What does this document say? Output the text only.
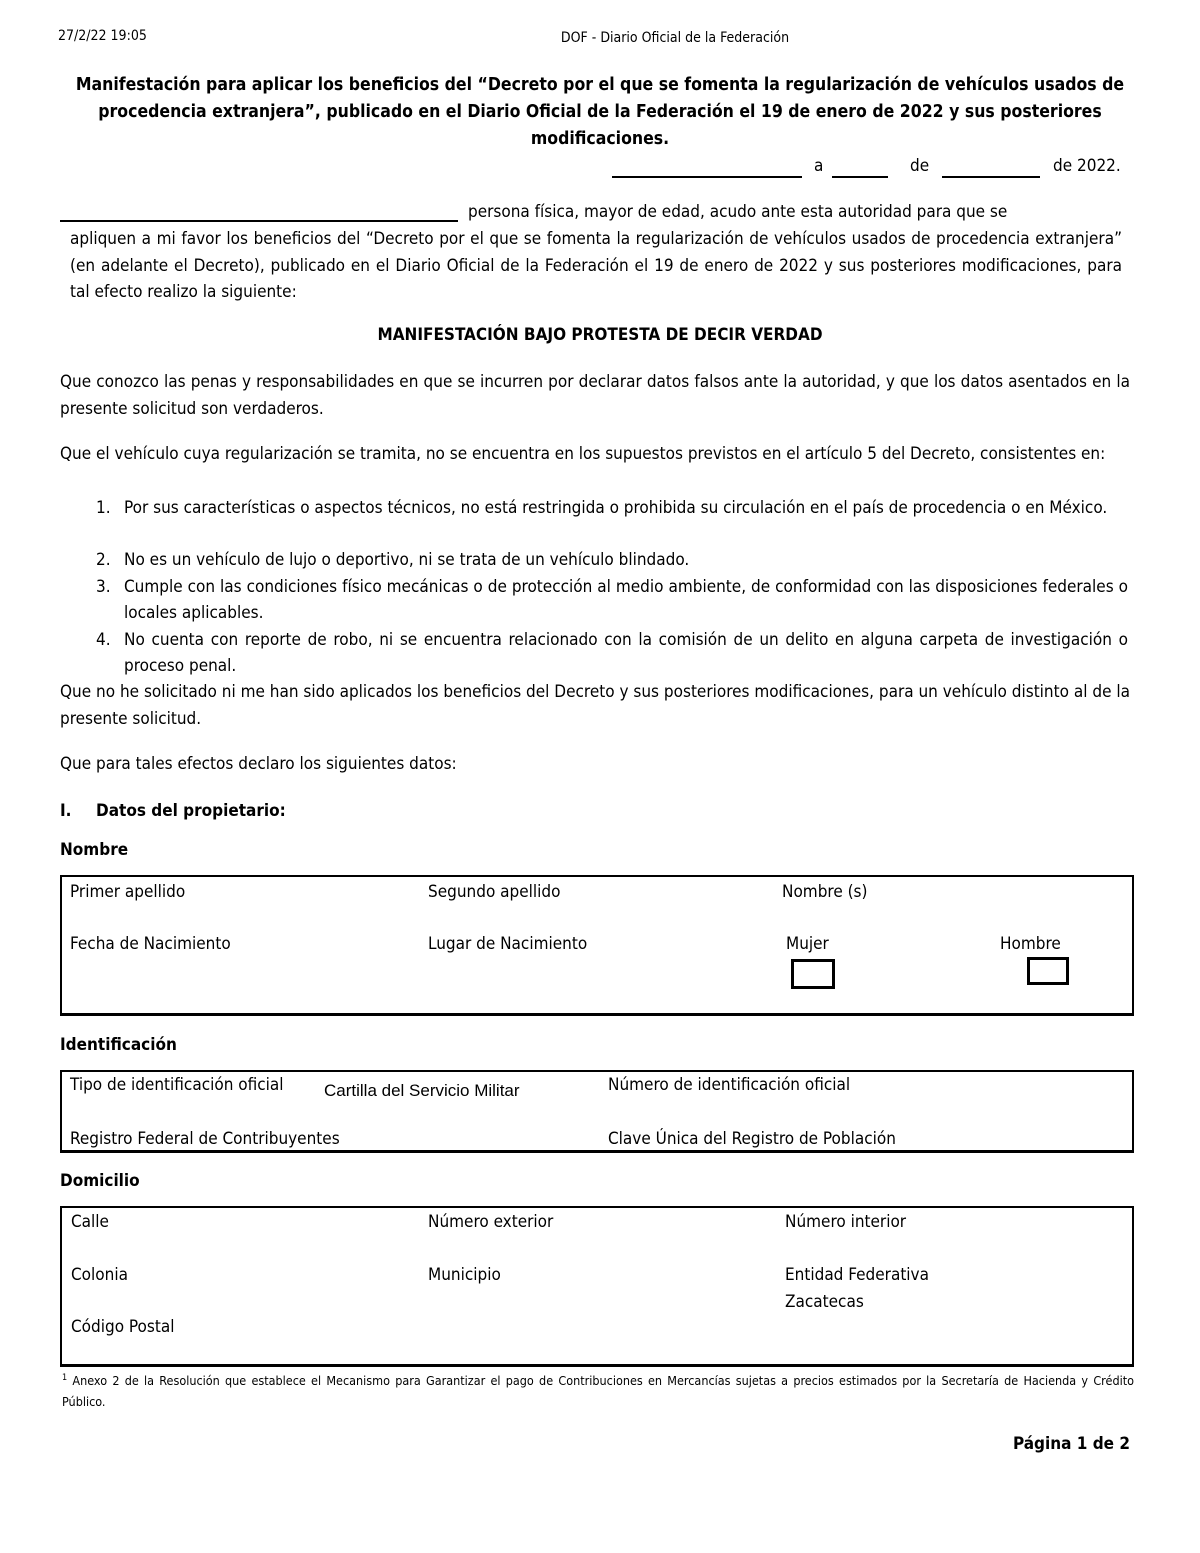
27/2/22 19:05	DOF - Diario Oficial de la Federación
Manifestación para aplicar los beneficios del “Decreto por el que se fomenta la regularización de vehículos usados de procedencia extranjera”, publicado en el Diario Oficial de la Federación el 19 de enero de 2022 y sus posteriores modificaciones.
a	de	de 2022.
persona física, mayor de edad, acudo ante esta autoridad para que se
apliquen a mi favor los beneficios del “Decreto por el que se fomenta la regularización de vehículos usados de procedencia extranjera” (en adelante el Decreto), publicado en el Diario Oficial de la Federación el 19 de enero de 2022 y sus posteriores modificaciones, para tal efecto realizo la siguiente:
MANIFESTACIÓN BAJO PROTESTA DE DECIR VERDAD
Que conozco las penas y responsabilidades en que se incurren por declarar datos falsos ante la autoridad, y que los datos asentados en la presente solicitud son verdaderos.
Que el vehículo cuya regularización se tramita, no se encuentra en los supuestos previstos en el artículo 5 del Decreto, consistentes en:
1. Por sus características o aspectos técnicos, no está restringida o prohibida su circulación en el país de procedencia o en México.
2. No es un vehículo de lujo o deportivo, ni se trata de un vehículo blindado.
3. Cumple con las condiciones físico mecánicas o de protección al medio ambiente, de conformidad con las disposiciones federales o locales aplicables.
4. No cuenta con reporte de robo, ni se encuentra relacionado con la comisión de un delito en alguna carpeta de investigación o proceso penal.
Que no he solicitado ni me han sido aplicados los beneficios del Decreto y sus posteriores modificaciones, para un vehículo distinto al de la presente solicitud.
Que para tales efectos declaro los siguientes datos:
I. Datos del propietario:
Nombre
Primer apellido	Segundo apellido	Nombre (s)
Fecha de Nacimiento	Lugar de Nacimiento	Mujer	Hombre
Identificación
Tipo de identificación oficial Cartilla del Servicio Militar	Número de identificación oficial
Registro Federal de Contribuyentes	Clave Única del Registro de Población
Domicilio
Calle	Número exterior	Número interior
Colonia	Municipio	Entidad Federativa
Zacatecas
Código Postal
$^1$ Anexo 2 de la Resolución que establece el Mecanismo para Garantizar el pago de Contribuciones en Mercancías sujetas a precios estimados por la Secretaría de Hacienda y Crédito Público.
Página 1 de 2
